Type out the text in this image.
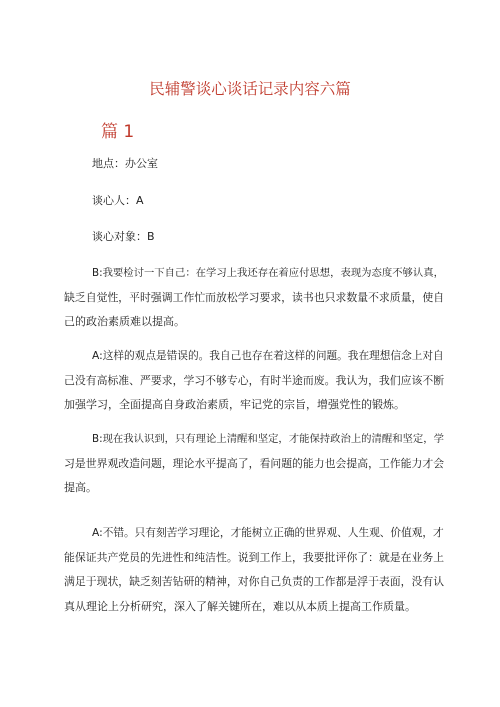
民辅警谈心谈话记录内容六篇
篇 1
地点：办公室
谈心人：A
谈心对象：B
B:我要检讨一下自己：在学习上我还存在着应付思想，表现为态度不够认真，
缺乏自觉性，平时强调工作忙而放松学习要求，读书也只求数量不求质量，使自
己的政治素质难以提高。
A:这样的观点是错误的。我自己也存在着这样的问题。我在理想信念上对自
己没有高标准、严要求，学习不够专心，有时半途而废。我认为，我们应该不断
加强学习，全面提高自身政治素质，牢记党的宗旨，增强党性的锻炼。
B:现在我认识到，只有理论上清醒和坚定，才能保持政治上的清醒和坚定，学
习是世界观改造问题，理论水平提高了，看问题的能力也会提高，工作能力才会
提高。
A:不错。只有刻苦学习理论，才能树立正确的世界观、人生观、价值观，才
能保证共产党员的先进性和纯洁性。说到工作上，我要批评你了：就是在业务上
满足于现状，缺乏刻苦钻研的精神，对你自己负责的工作都是浮于表面，没有认
真从理论上分析研究，深入了解关键所在，难以从本质上提高工作质量。
